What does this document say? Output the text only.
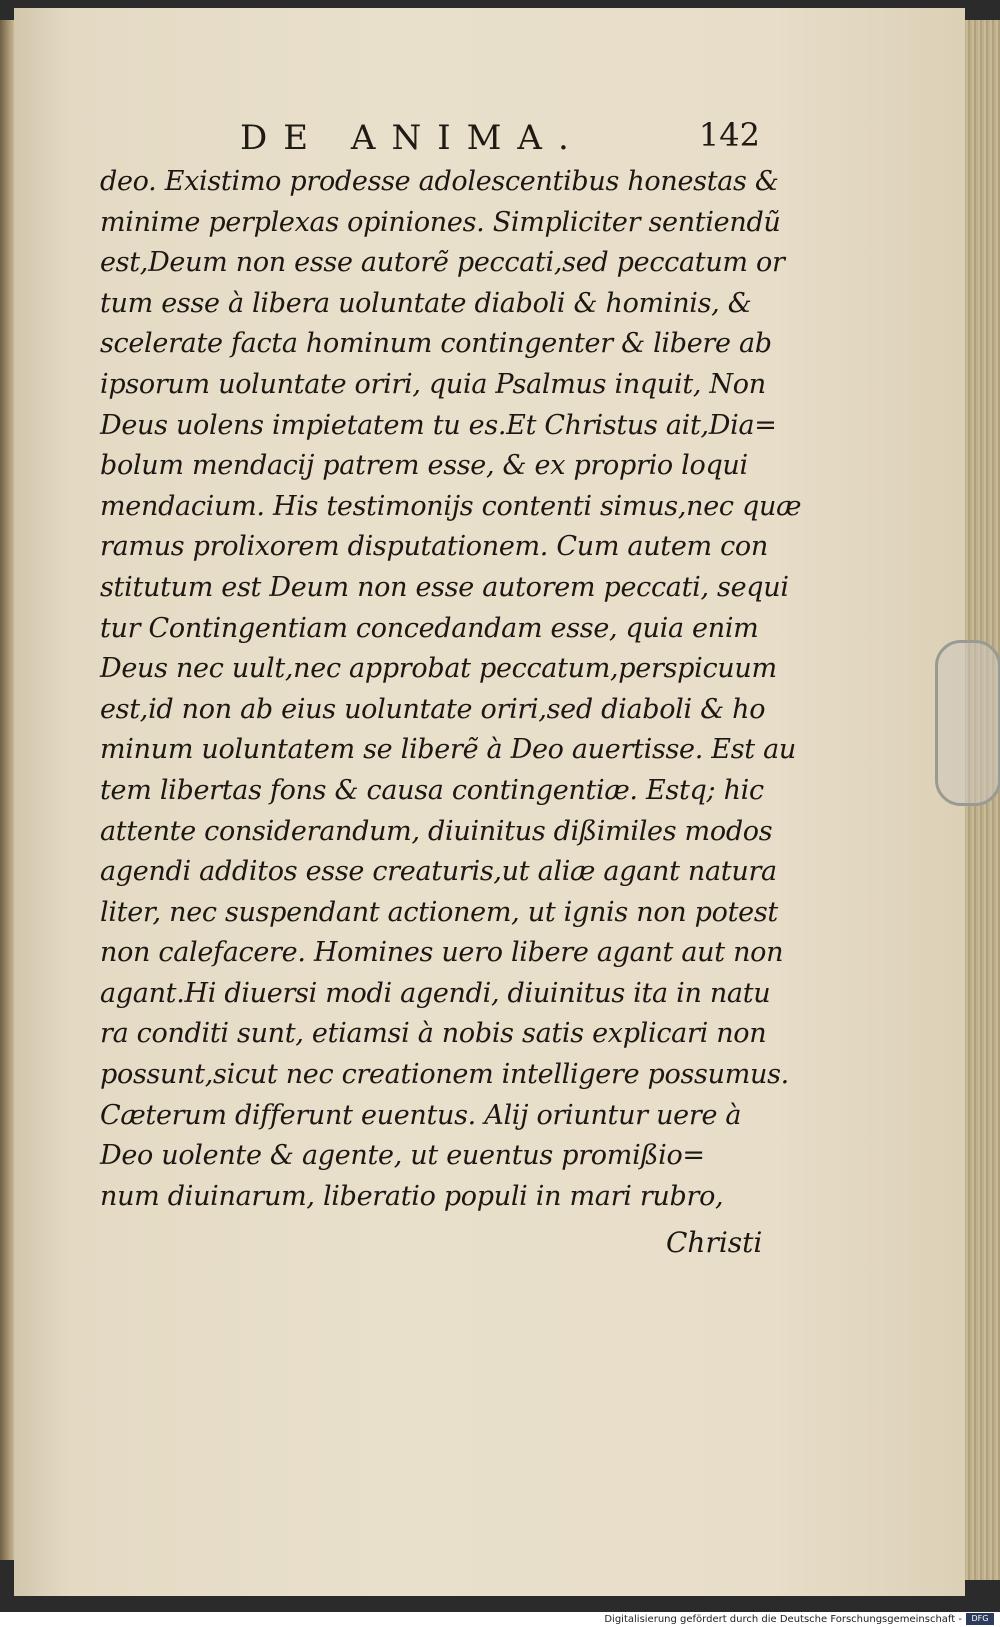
DE ANIMA.	142
deo. Existimo prodesse adolescentibus honestas &
minime perplexas opiniones. Simpliciter sentiendũ
est,Deum non esse autorẽ peccati,sed peccatum or
tum esse à libera uoluntate diaboli & hominis, &
scelerate facta hominum contingenter & libere ab
ipsorum uoluntate oriri, quia Psalmus inquit, Non
Deus uolens impietatem tu es.Et Christus ait,Dia=
bolum mendacij patrem esse, & ex proprio loqui
mendacium. His testimonijs contenti simus,nec quæ
ramus prolixorem disputationem. Cum autem con
stitutum est Deum non esse autorem peccati, sequi
tur Contingentiam concedandam esse, quia enim
Deus nec uult,nec approbat peccatum,perspicuum
est,id non ab eius uoluntate oriri,sed diaboli & ho
minum uoluntatem se liberẽ à Deo auertisse. Est au
tem libertas fons & causa contingentiæ. Estq; hic
attente considerandum, diuinitus dißimiles modos
agendi additos esse creaturis,ut aliæ agant natura
liter, nec suspendant actionem, ut ignis non potest
non calefacere. Homines uero libere agant aut non
agant.Hi diuersi modi agendi, diuinitus ita in natu
ra conditi sunt, etiamsi à nobis satis explicari non
possunt,sicut nec creationem intelligere possumus.
Cæterum differunt euentus. Alij oriuntur uere à
Deo uolente & agente, ut euentus promißio=
num diuinarum, liberatio populi in mari rubro,
Christi
Digitalisierung gefördert durch die Deutsche Forschungsgemeinschaft -	DFG
